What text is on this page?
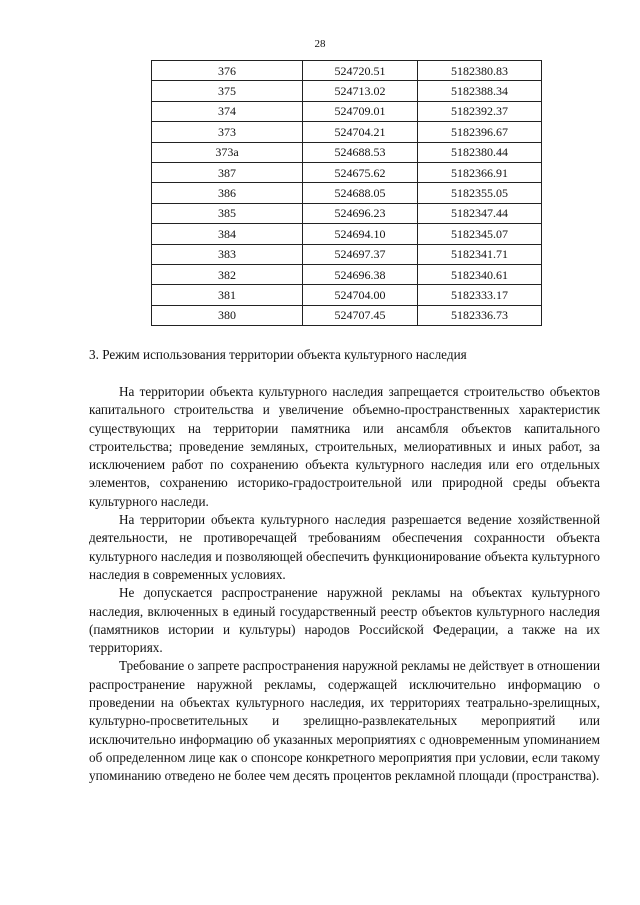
28
376	524720.51	5182380.83
375	524713.02	5182388.34
374	524709.01	5182392.37
373	524704.21	5182396.67
373a	524688.53	5182380.44
387	524675.62	5182366.91
386	524688.05	5182355.05
385	524696.23	5182347.44
384	524694.10	5182345.07
383	524697.37	5182341.71
382	524696.38	5182340.61
381	524704.00	5182333.17
380	524707.45	5182336.73
3. Режим использования территории объекта культурного наследия

На территории объекта культурного наследия запрещается строительство объектов капитального строительства и увеличение объемно-пространственных характеристик существующих на территории памятника или ансамбля объектов капитального строительства; проведение земляных, строительных, мелиоративных и иных работ, за исключением работ по сохранению объекта культурного наследия или его отдельных элементов, сохранению историко-градостроительной или природной среды объекта культурного наследи.

На территории объекта культурного наследия разрешается ведение хозяйственной деятельности, не противоречащей требованиям обеспечения сохранности объекта культурного наследия и позволяющей обеспечить функционирование объекта культурного наследия в современных условиях.

Не допускается распространение наружной рекламы на объектах культурного наследия, включенных в единый государственный реестр объектов культурного наследия (памятников истории и культуры) народов Российской Федерации, а также на их территориях.

Требование о запрете распространения наружной рекламы не действует в отношении распространение наружной рекламы, содержащей исключительно информацию о проведении на объектах культурного наследия, их территориях театрально-зрелищных, культурно-просветительных и зрелищно-развлекательных мероприятий или исключительно информацию об указанных мероприятиях с одновременным упоминанием об определенном лице как о спонсоре конкретного мероприятия при условии, если такому упоминанию отведено не более чем десять процентов рекламной площади (пространства).
